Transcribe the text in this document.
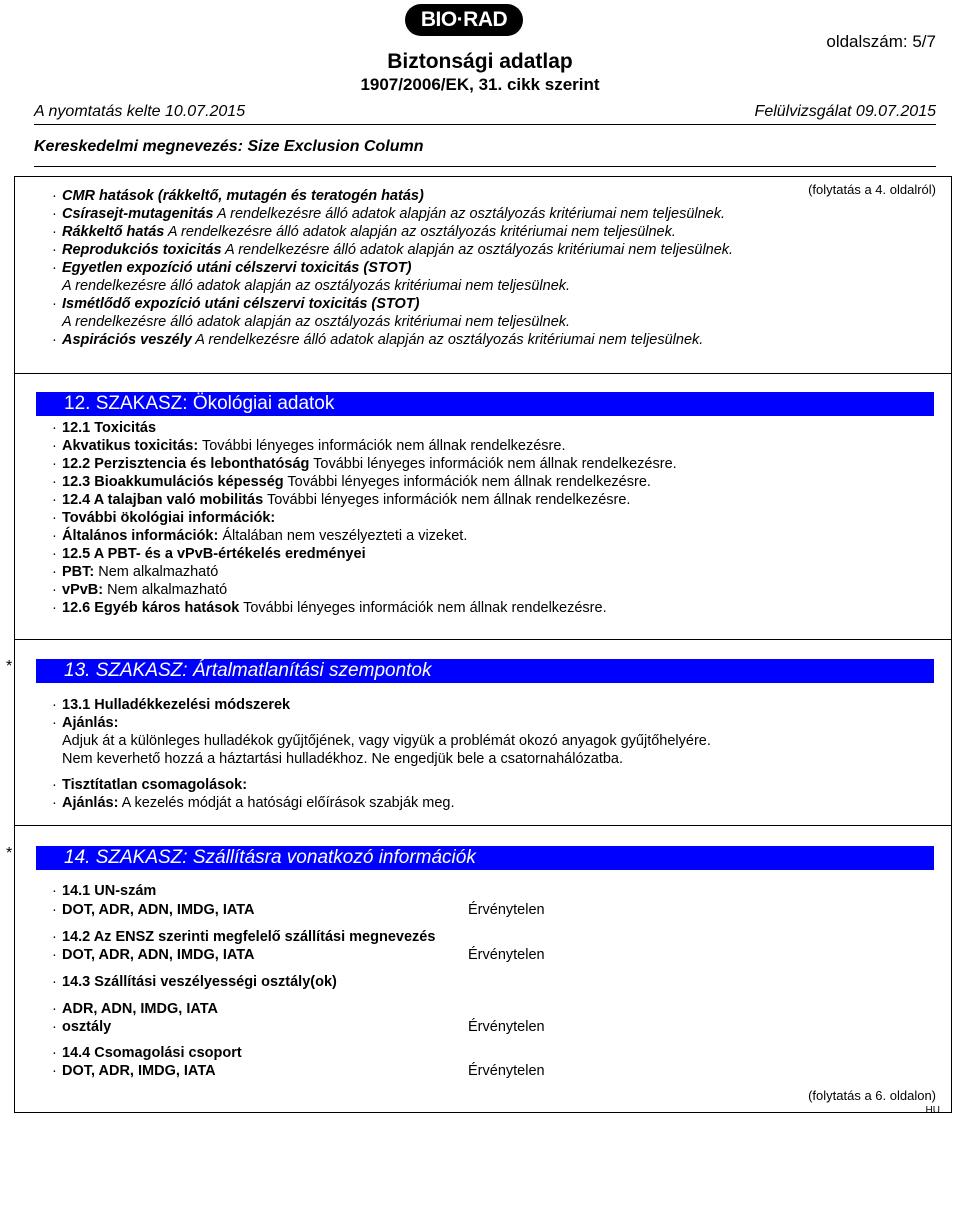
BIO·RAD
oldalszám: 5/7
Biztonsági adatlap
1907/2006/EK, 31. cikk szerint
A nyomtatás kelte 10.07.2015	Felülvizsgálat 09.07.2015
Kereskedelmi megnevezés: Size Exclusion Column
(folytatás a 4. oldalról)
· CMR hatások (rákkeltő, mutagén és teratogén hatás)
· Csírasejt-mutagenitás A rendelkezésre álló adatok alapján az osztályozás kritériumai nem teljesülnek.
· Rákkeltő hatás A rendelkezésre álló adatok alapján az osztályozás kritériumai nem teljesülnek.
· Reprodukciós toxicitás A rendelkezésre álló adatok alapján az osztályozás kritériumai nem teljesülnek.
· Egyetlen expozíció utáni célszervi toxicitás (STOT)
A rendelkezésre álló adatok alapján az osztályozás kritériumai nem teljesülnek.
· Ismétlődő expozíció utáni célszervi toxicitás (STOT)
A rendelkezésre álló adatok alapján az osztályozás kritériumai nem teljesülnek.
· Aspirációs veszély A rendelkezésre álló adatok alapján az osztályozás kritériumai nem teljesülnek.
12. SZAKASZ: Ökológiai adatok
· 12.1 Toxicitás
· Akvatikus toxicitás: További lényeges információk nem állnak rendelkezésre.
· 12.2 Perzisztencia és lebonthatóság További lényeges információk nem állnak rendelkezésre.
· 12.3 Bioakkumulációs képesség További lényeges információk nem állnak rendelkezésre.
· 12.4 A talajban való mobilitás További lényeges információk nem állnak rendelkezésre.
· További ökológiai információk:
· Általános információk: Általában nem veszélyezteti a vizeket.
· 12.5 A PBT- és a vPvB-értékelés eredményei
· PBT: Nem alkalmazható
· vPvB: Nem alkalmazható
· 12.6 Egyéb káros hatások További lényeges információk nem állnak rendelkezésre.
*	13. SZAKASZ: Ártalmatlanítási szempontok
· 13.1 Hulladékkezelési módszerek
· Ajánlás:
Adjuk át a különleges hulladékok gyűjtőjének, vagy vigyük a problémát okozó anyagok gyűjtőhelyére.
Nem keverhető hozzá a háztartási hulladékhoz. Ne engedjük bele a csatornahálózatba.
· Tisztítatlan csomagolások:
· Ajánlás: A kezelés módját a hatósági előírások szabják meg.
*	14. SZAKASZ: Szállításra vonatkozó információk
· 14.1 UN-szám
· DOT, ADR, ADN, IMDG, IATA	Érvénytelen
· 14.2 Az ENSZ szerinti megfelelő szállítási megnevezés
· DOT, ADR, ADN, IMDG, IATA	Érvénytelen
· 14.3 Szállítási veszélyességi osztály(ok)
· ADR, ADN, IMDG, IATA
· osztály	Érvénytelen
· 14.4 Csomagolási csoport
· DOT, ADR, IMDG, IATA	Érvénytelen
(folytatás a 6. oldalon)
HU
